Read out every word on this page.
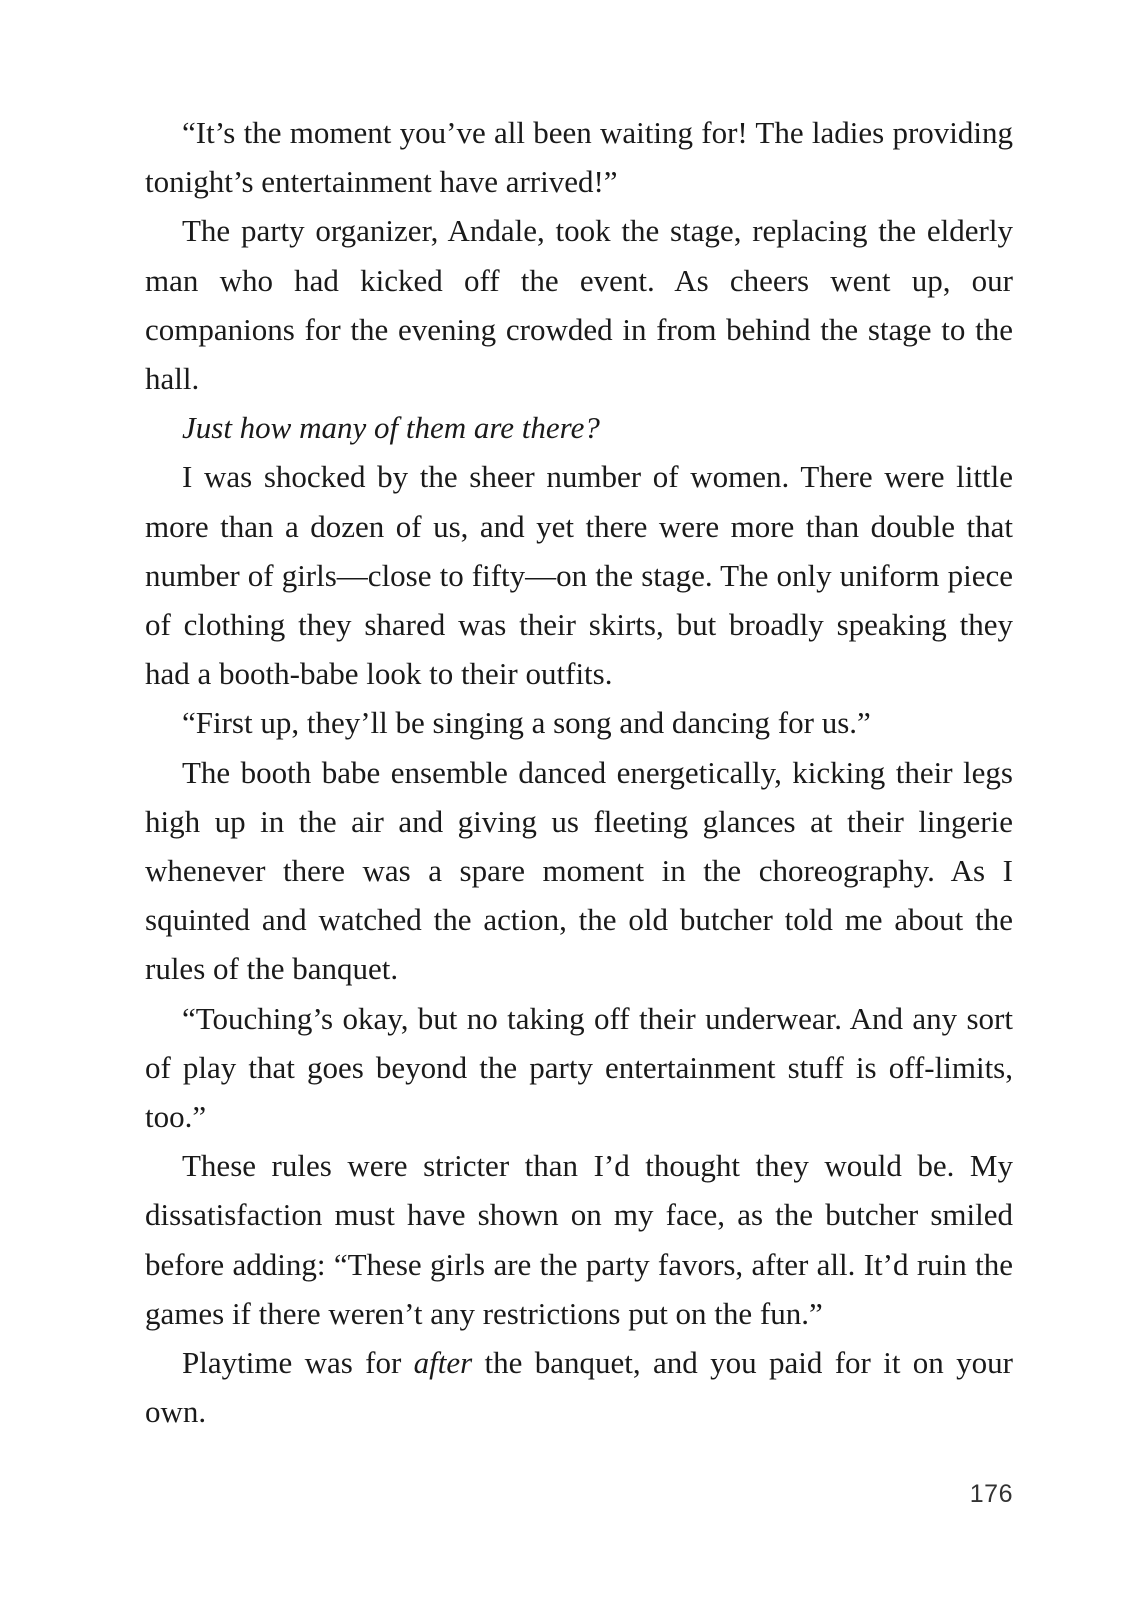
“It’s the moment you’ve all been waiting for! The ladies providing tonight’s entertainment have arrived!”

The party organizer, Andale, took the stage, replacing the elderly man who had kicked off the event. As cheers went up, our companions for the evening crowded in from behind the stage to the hall.

Just how many of them are there?

I was shocked by the sheer number of women. There were little more than a dozen of us, and yet there were more than double that number of girls—close to fifty—on the stage. The only uniform piece of clothing they shared was their skirts, but broadly speaking they had a booth-babe look to their outfits.

“First up, they’ll be singing a song and dancing for us.”

The booth babe ensemble danced energetically, kicking their legs high up in the air and giving us fleeting glances at their lingerie whenever there was a spare moment in the choreography. As I squinted and watched the action, the old butcher told me about the rules of the banquet.

“Touching’s okay, but no taking off their underwear. And any sort of play that goes beyond the party entertainment stuff is off-limits, too.”

These rules were stricter than I’d thought they would be. My dissatisfaction must have shown on my face, as the butcher smiled before adding: “These girls are the party favors, after all. It’d ruin the games if there weren’t any restrictions put on the fun.”

Playtime was for after the banquet, and you paid for it on your own.

176
